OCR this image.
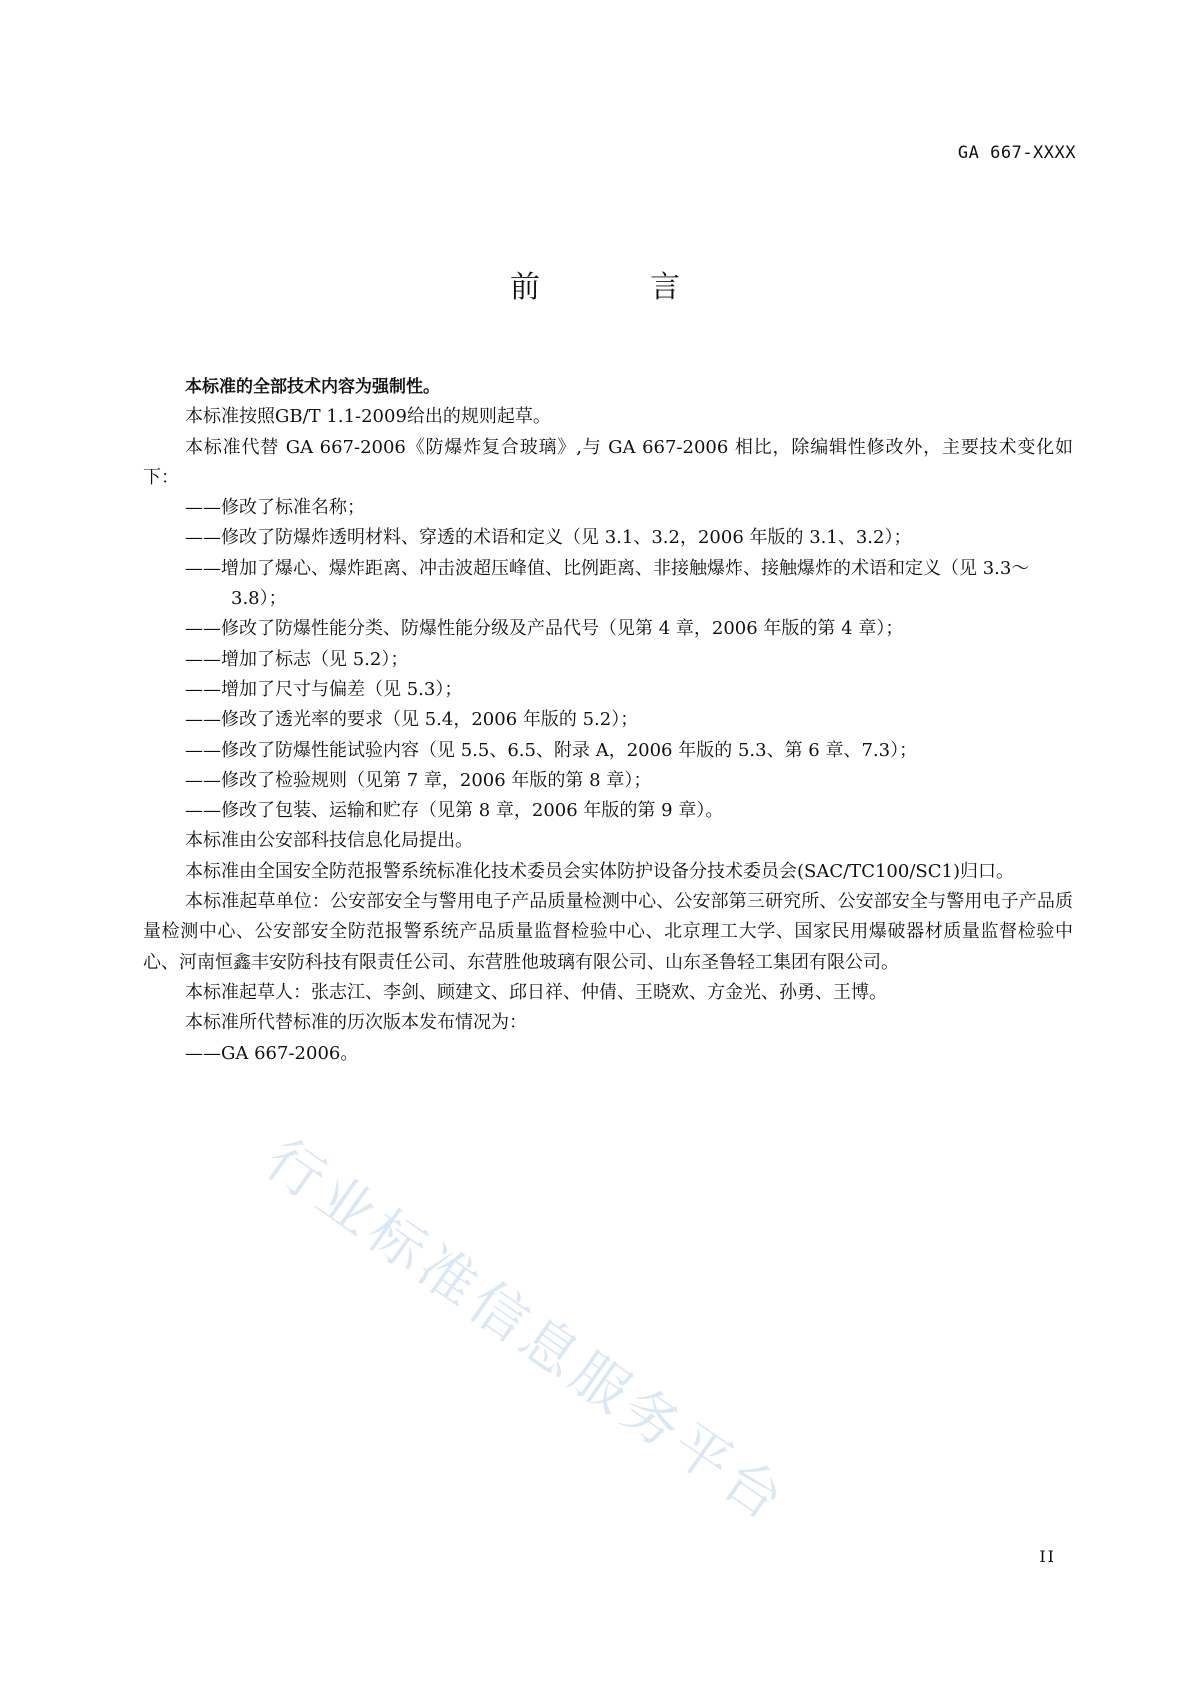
GA 667-XXXX
前　言

本标准的全部技术内容为强制性。

本标准按照GB/T 1.1-2009给出的规则起草。

本标准代替 GA 667-2006《防爆炸复合玻璃》,与 GA 667-2006 相比，除编辑性修改外，主要技术变化如下：

——修改了标准名称；

——修改了防爆炸透明材料、穿透的术语和定义（见 3.1、3.2，2006 年版的 3.1、3.2）；

——增加了爆心、爆炸距离、冲击波超压峰值、比例距离、非接触爆炸、接触爆炸的术语和定义（见 3.3～3.8）；

——修改了防爆性能分类、防爆性能分级及产品代号（见第 4 章，2006 年版的第 4 章）；

——增加了标志（见 5.2）；

——增加了尺寸与偏差（见 5.3）；

——修改了透光率的要求（见 5.4，2006 年版的 5.2）；

——修改了防爆性能试验内容（见 5.5、6.5、附录 A，2006 年版的 5.3、第 6 章、7.3）；

——修改了检验规则（见第 7 章，2006 年版的第 8 章）；

——修改了包装、运输和贮存（见第 8 章，2006 年版的第 9 章）。

本标准由公安部科技信息化局提出。

本标准由全国安全防范报警系统标准化技术委员会实体防护设备分技术委员会(SAC/TC100/SC1)归口。

本标准起草单位：公安部安全与警用电子产品质量检测中心、公安部第三研究所、公安部安全与警用电子产品质量检测中心、公安部安全防范报警系统产品质量监督检验中心、北京理工大学、国家民用爆破器材质量监督检验中心、河南恒鑫丰安防科技有限责任公司、东营胜他玻璃有限公司、山东圣鲁轻工集团有限公司。

本标准起草人：张志江、李剑、顾建文、邱日祥、仲倩、王晓欢、方金光、孙勇、王博。

本标准所代替标准的历次版本发布情况为：

——GA 667-2006。

行业标准信息服务平台
II
